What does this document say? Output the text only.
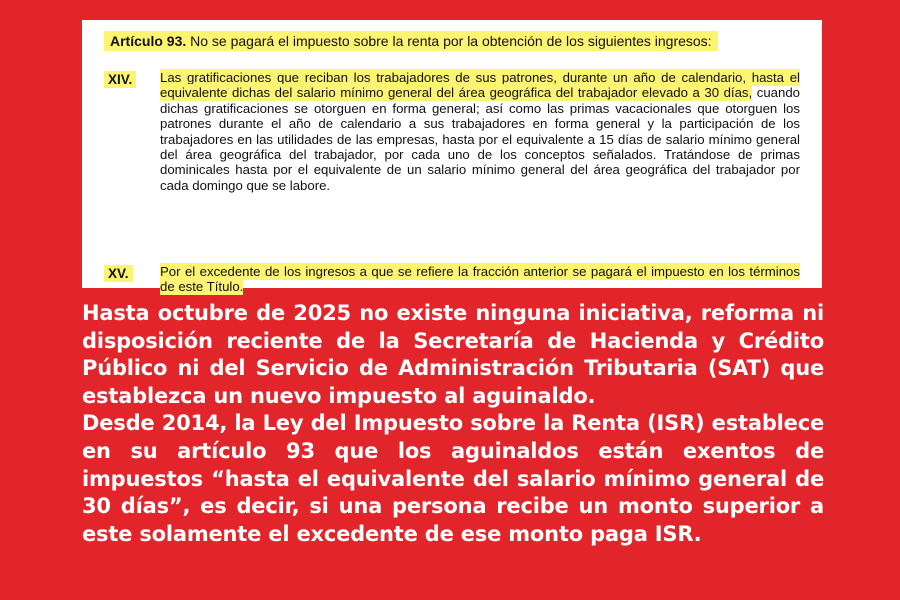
Artículo 93. No se pagará el impuesto sobre la renta por la obtención de los siguientes ingresos:
XIV.	Las gratificaciones que reciban los trabajadores de sus patrones, durante un año de calendario, hasta el equivalente dichas del salario mínimo general del área geográfica del trabajador elevado a 30 días, cuando dichas gratificaciones se otorguen en forma general; así como las primas vacacionales que otorguen los patrones durante el año de calendario a sus trabajadores en forma general y la participación de los trabajadores en las utilidades de las empresas, hasta por el equivalente a 15 días de salario mínimo general del área geográfica del trabajador, por cada uno de los conceptos señalados. Tratándose de primas dominicales hasta por el equivalente de un salario mínimo general del área geográfica del trabajador por cada domingo que se labore.
XV.	Por el excedente de los ingresos a que se refiere la fracción anterior se pagará el impuesto en los términos de este Título.

Hasta octubre de 2025 no existe ninguna iniciativa, reforma ni disposición reciente de la Secretaría de Hacienda y Crédito Público ni del Servicio de Administración Tributaria (SAT) que establezca un nuevo impuesto al aguinaldo.

Desde 2014, la Ley del Impuesto sobre la Renta (ISR) establece en su artículo 93 que los aguinaldos están exentos de impuestos “hasta el equivalente del salario mínimo general de 30 días”, es decir, si una persona recibe un monto superior a este solamente el excedente de ese monto paga ISR.
